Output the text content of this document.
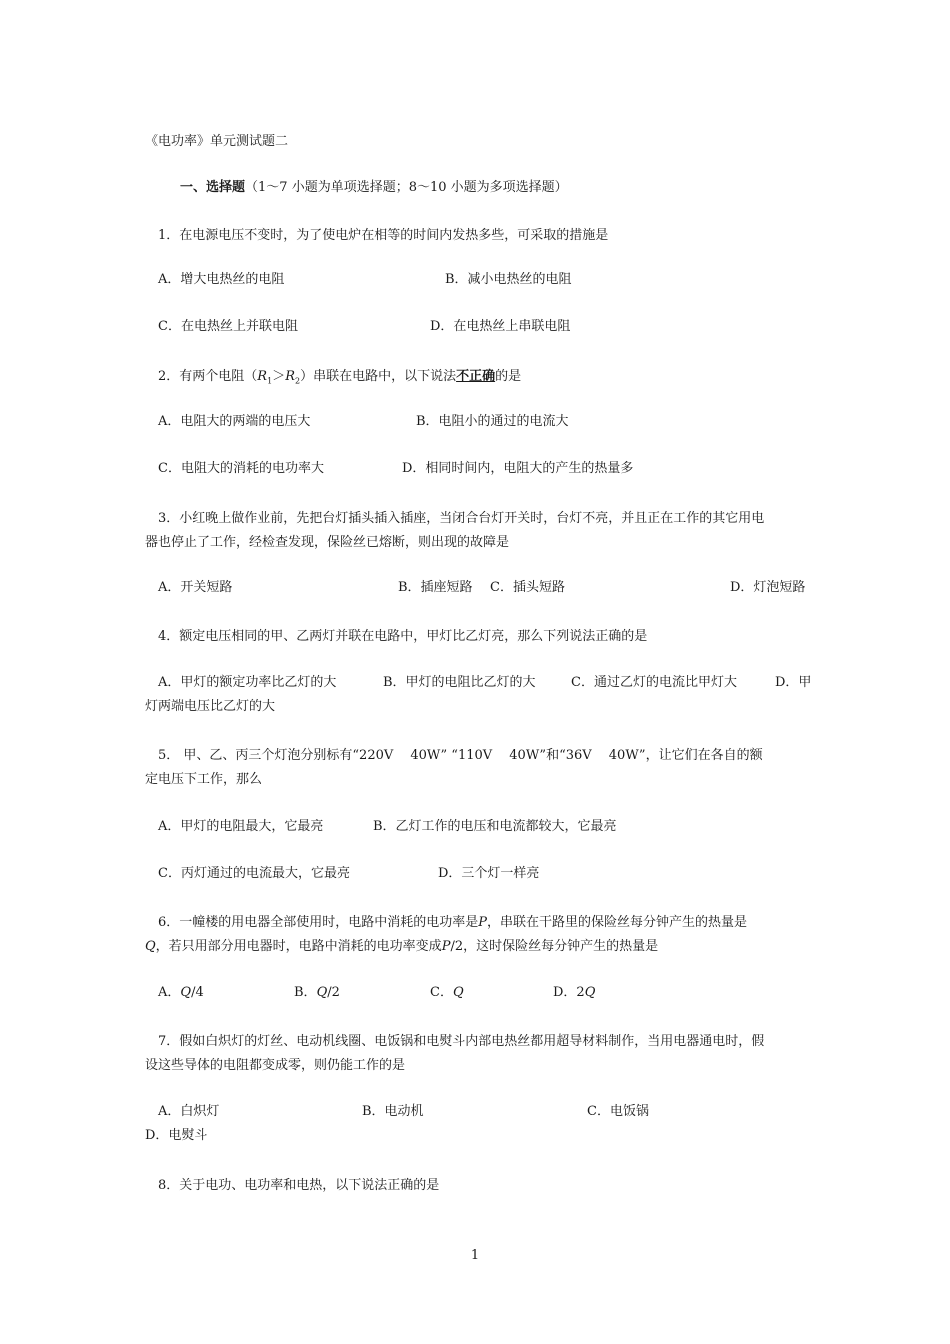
《电功率》单元测试题二
一、选择题（1～7 小题为单项选择题；8～10 小题为多项选择题）
1．在电源电压不变时，为了使电炉在相等的时间内发热多些，可采取的措施是
A．增大电热丝的电阻	B．减小电热丝的电阻
C．在电热丝上并联电阻	D．在电热丝上串联电阻
2．有两个电阻$(R_1>R_2)$串联在电路中，以下说法不正确的是
A．电阻大的两端的电压大	B．电阻小的通过的电流大
C．电阻大的消耗的电功率大	D．相同时间内，电阻大的产生的热量多
3．小红晚上做作业前，先把台灯插头插入插座，当闭合台灯开关时，台灯不亮，并且正在工作的其它用电
器也停止了工作，经检查发现，保险丝已熔断，则出现的故障是
A．开关短路	B．插座短路 C．插头短路	D．灯泡短路
4．额定电压相同的甲、乙两灯并联在电路中，甲灯比乙灯亮，那么下列说法正确的是
A．甲灯的额定功率比乙灯的大	B．甲灯的电阻比乙灯的大	C．通过乙灯的电流比甲灯大	D．甲
灯两端电压比乙灯的大
5． 甲、乙、丙三个灯泡分别标有“220V　 40W” “110V　 40W”和“36V　 40W”，让它们在各自的额
定电压下工作，那么
A．甲灯的电阻最大，它最亮	B．乙灯工作的电压和电流都较大，它最亮
C．丙灯通过的电流最大，它最亮	D．三个灯一样亮
6．一幢楼的用电器全部使用时，电路中消耗的电功率是P，串联在干路里的保险丝每分钟产生的热量是
Q，若只用部分用电器时，电路中消耗的电功率变成P/2，这时保险丝每分钟产生的热量是
A．Q/4	B．Q/2	C．Q	D．2Q
7．假如白炽灯的灯丝、电动机线圈、电饭锅和电熨斗内部电热丝都用超导材料制作，当用电器通电时，假
设这些导体的电阻都变成零，则仍能工作的是
A．白炽灯	B．电动机	C．电饭锅
D．电熨斗
8．关于电功、电功率和电热，以下说法正确的是
1
